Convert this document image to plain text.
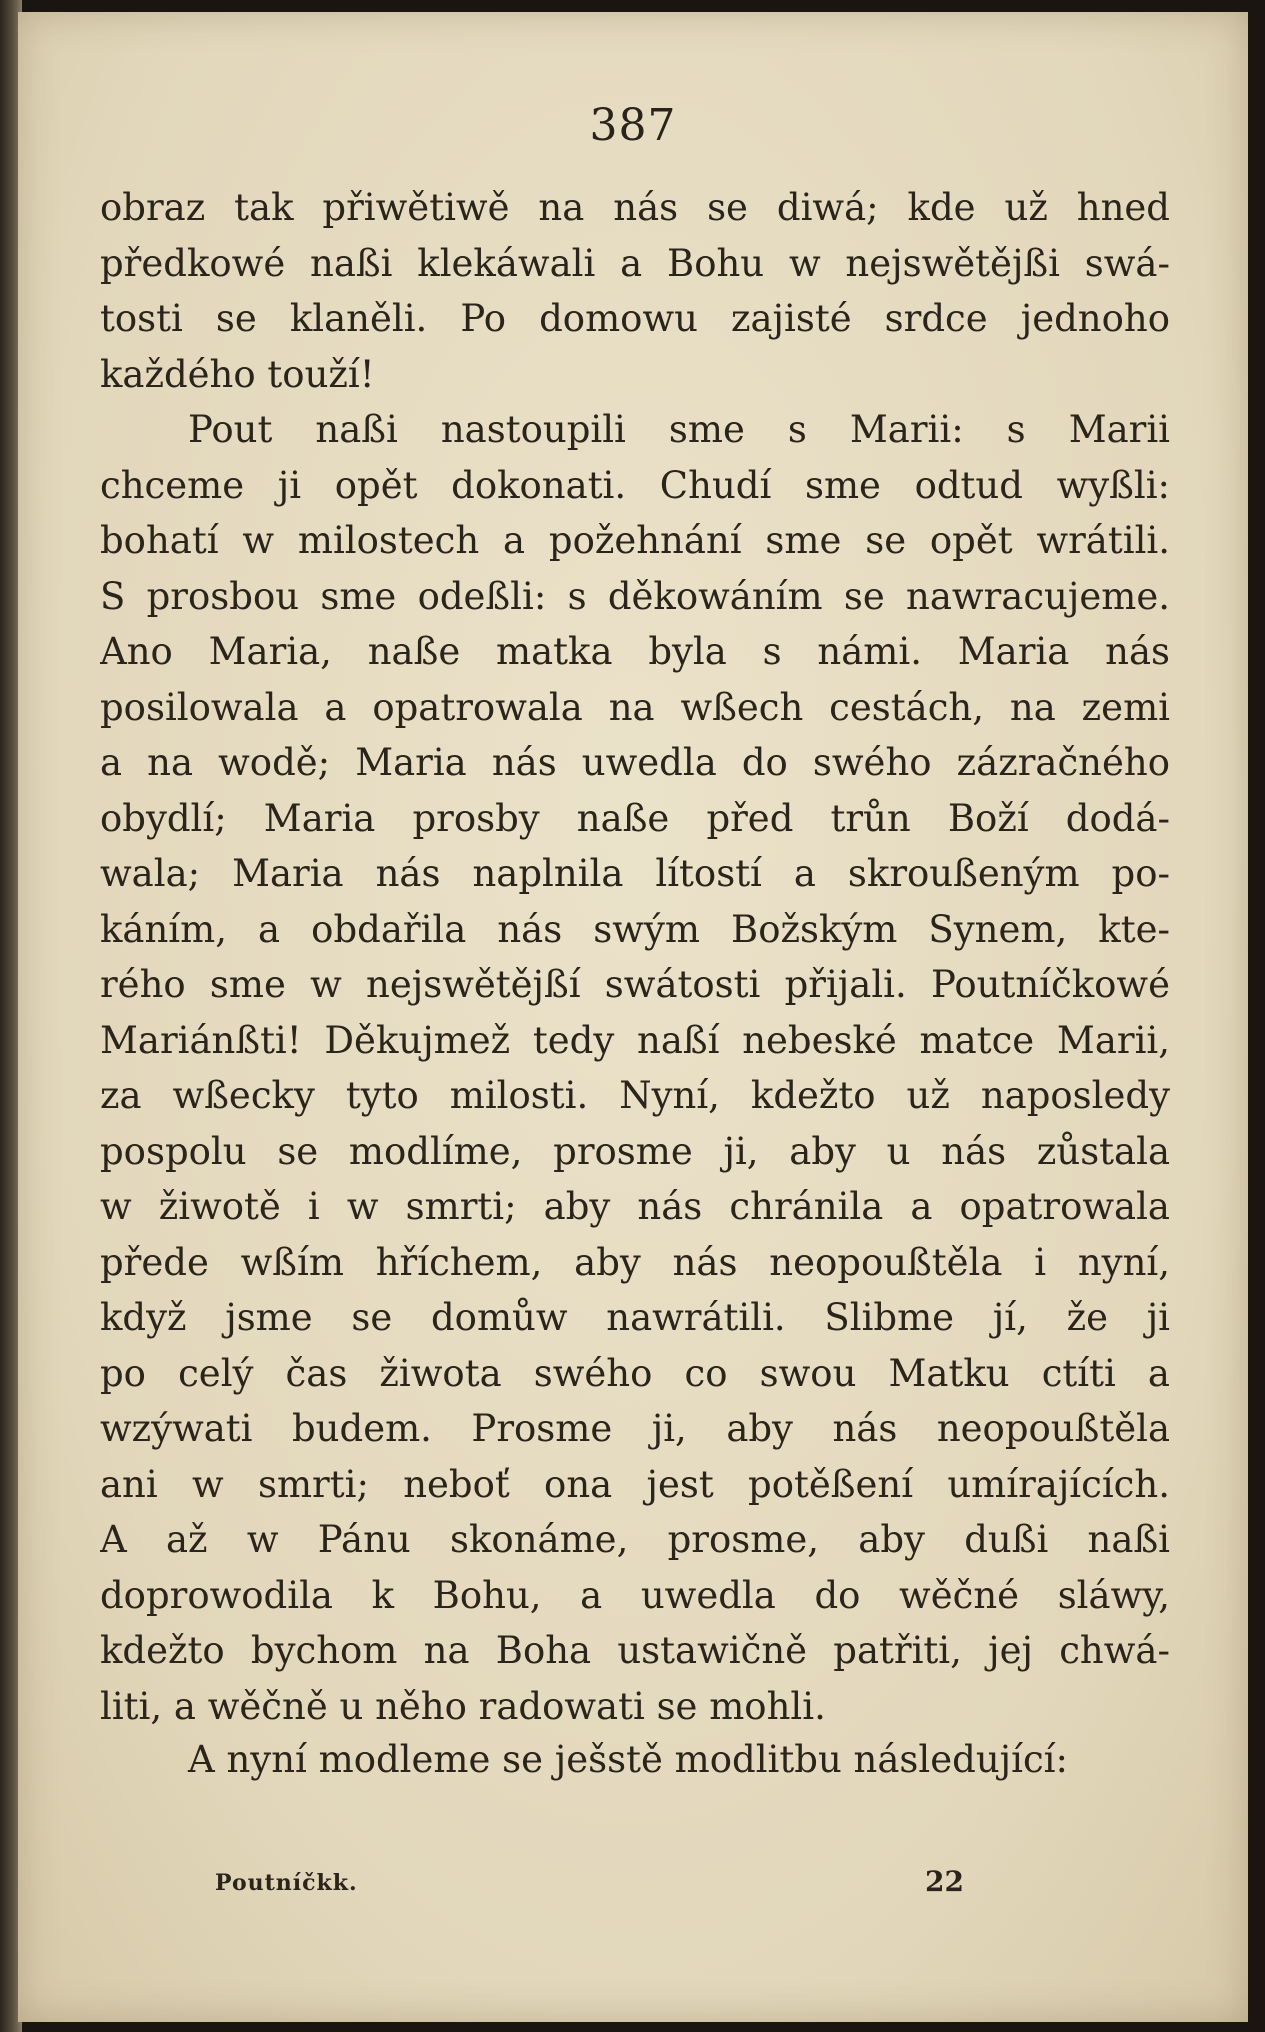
387
obraz tak přiwětiwě na nás se diwá; kde už hned
předkowé naßi klekáwali a Bohu w nejswětějßi swá-
tosti se klaněli. Po domowu zajisté srdce jednoho
každého touží!
Pout naßi nastoupili sme s Marii: s Marii
chceme ji opět dokonati. Chudí sme odtud wyßli:
bohatí w milostech a požehnání sme se opět wrátili.
S prosbou sme odeßli: s děkowáním se nawracujeme.
Ano Maria, naße matka byla s námi. Maria nás
posilowala a opatrowala na wßech cestách, na zemi
a na wodě; Maria nás uwedla do swého zázračného
obydlí; Maria prosby naße před trůn Boží dodá-
wala; Maria nás naplnila lítostí a skroußeným po-
káním, a obdařila nás swým Božským Synem, kte-
rého sme w nejswětějßí swátosti přijali. Poutníčkowé
Mariánßti! Děkujmež tedy naßí nebeské matce Marii,
za wßecky tyto milosti. Nyní, kdežto už naposledy
pospolu se modlíme, prosme ji, aby u nás zůstala
w žiwotě i w smrti; aby nás chránila a opatrowala
přede wßím hříchem, aby nás neopoußtěla i nyní,
když jsme se domůw nawrátili. Slibme jí, že ji
po celý čas žiwota swého co swou Matku ctíti a
wzýwati budem. Prosme ji, aby nás neopoußtěla
ani w smrti; neboť ona jest potěßení umírajících.
A až w Pánu skonáme, prosme, aby dußi naßi
doprowodila k Bohu, a uwedla do wěčné sláwy,
kdežto bychom na Boha ustawičně patřiti, jej chwá-
liti, a wěčně u něho radowati se mohli.
A nyní modleme se ješstě modlitbu následující:
Poutníčkk.	22
